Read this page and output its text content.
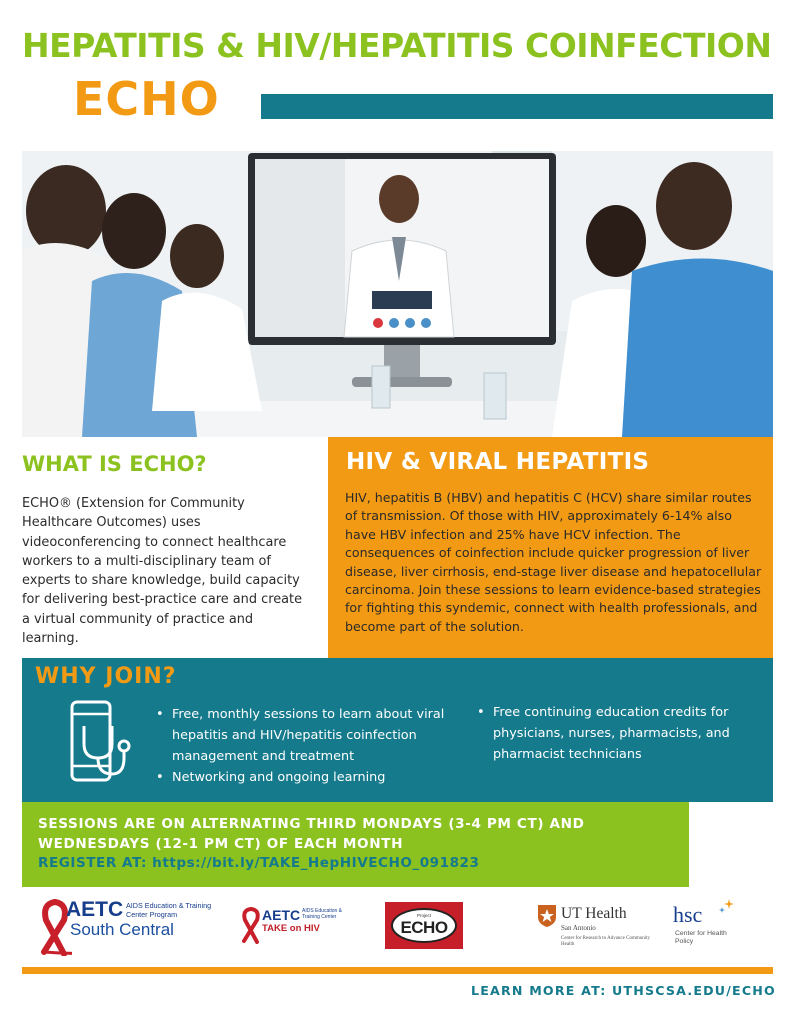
HEPATITIS & HIV/HEPATITIS COINFECTION
ECHO
WHAT IS ECHO?
ECHO® (Extension for Community Healthcare Outcomes) uses videoconferencing to connect healthcare workers to a multi-disciplinary team of experts to share knowledge, build capacity for delivering best-practice care and create a virtual community of practice and learning.
HIV & VIRAL HEPATITIS
HIV, hepatitis B (HBV) and hepatitis C (HCV) share similar routes of transmission. Of those with HIV, approximately 6-14% also have HBV infection and 25% have HCV infection. The consequences of coinfection include quicker progression of liver disease, liver cirrhosis, end-stage liver disease and hepatocellular carcinoma. Join these sessions to learn evidence-based strategies for fighting this syndemic, connect with health professionals, and become part of the solution.
WHY JOIN?
• Free, monthly sessions to learn about viral hepatitis and HIV/hepatitis coinfection management and treatment
• Networking and ongoing learning
• Free continuing education credits for physicians, nurses, pharmacists, and pharmacist technicians
SESSIONS ARE ON ALTERNATING THIRD MONDAYS (3-4 PM CT) AND WEDNESDAYS (12-1 PM CT) OF EACH MONTH
REGISTER AT: https://bit.ly/TAKE_HepHIVECHO_091823
AETC AIDS Education & Training Center Program
South Central
AETC AIDS Education & Training Center
TAKE on HIV
Project
ECHO
UT Health
San Antonio
Center for Research to Advance Community Health
hsc
Center for Health Policy
LEARN MORE AT: UTHSCSA.EDU/ECHO
